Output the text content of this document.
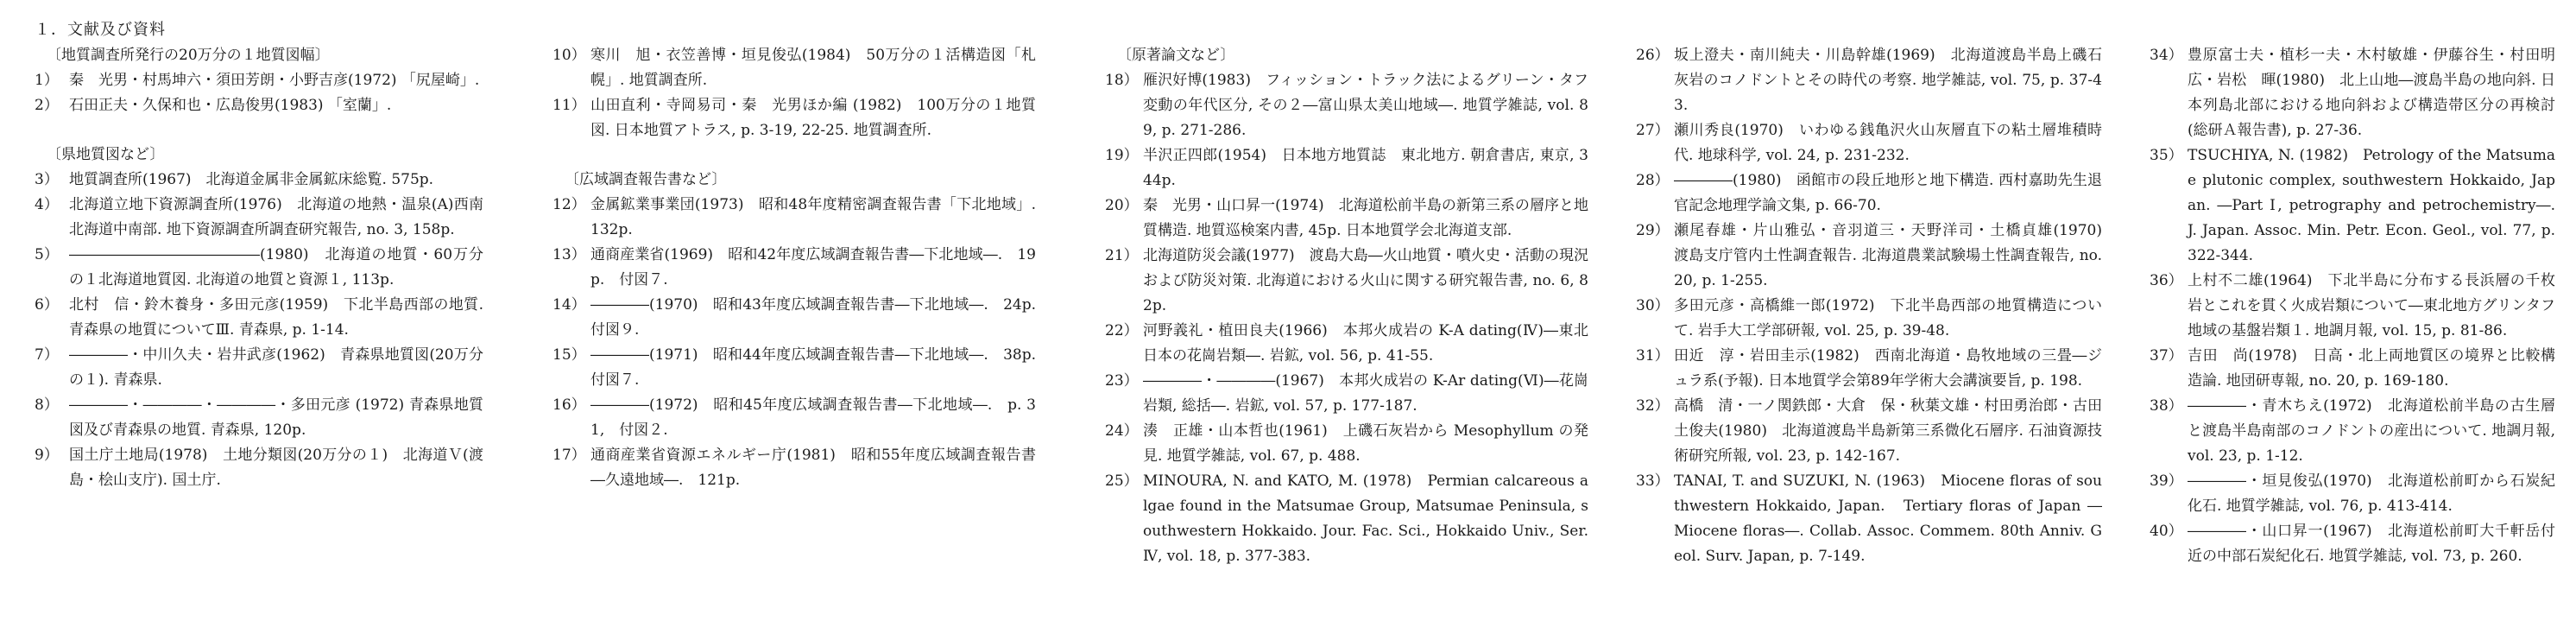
１．文献及び資料
〔地質調査所発行の20万分の１地質図幅〕
1） 秦　光男・村馬坤六・須田芳朗・小野吉彦(1972) 「尻屋崎」.
2） 石田正夫・久保和也・広島俊男(1983) 「室蘭」.
〔県地質図など〕
3） 地質調査所(1967)　北海道金属非金属鉱床総覧. 575p.
4） 北海道立地下資源調査所(1976)　北海道の地熱・温泉(A)西南北海道中南部. 地下資源調査所調査研究報告, no. 3, 158p.
5） ―――――――――――――(1980)　北海道の地質・60万分の１北海道地質図. 北海道の地質と資源１, 113p.
6） 北村　信・鈴木養身・多田元彦(1959)　下北半島西部の地質. 青森県の地質についてⅢ. 青森県, p. 1-14.
7） ――――・中川久夫・岩井武彦(1962)　青森県地質図(20万分の１). 青森県.
8） ――――・――――・――――・多田元彦 (1972) 青森県地質図及び青森県の地質. 青森県, 120p.
9） 国土庁土地局(1978)　土地分類図(20万分の１)　北海道Ｖ(渡島・桧山支庁). 国土庁.
10） 寒川　旭・衣笠善博・垣見俊弘(1984)　50万分の１活構造図「札幌」. 地質調査所.
11） 山田直利・寺岡易司・秦　光男ほか編 (1982)　100万分の１地質図. 日本地質アトラス, p. 3-19, 22-25. 地質調査所.
〔広域調査報告書など〕
12） 金属鉱業事業団(1973)　昭和48年度精密調査報告書「下北地域」. 132p.
13） 通商産業省(1969)　昭和42年度広域調査報告書―下北地域―.　19p.　付図７.
14） ――――(1970)　昭和43年度広域調査報告書―下北地域―.　24p.　付図９.
15） ――――(1971)　昭和44年度広域調査報告書―下北地域―.　38p.　付図７.
16） ――――(1972)　昭和45年度広域調査報告書―下北地域―.　p. 31,　付図２.
17） 通商産業省資源エネルギー庁(1981)　昭和55年度広域調査報告書―久遠地域―.　121p.
〔原著論文など〕
18） 雁沢好博(1983)　フィッション・トラック法によるグリーン・タフ変動の年代区分, その２―富山県太美山地域―. 地質学雑誌, vol. 89, p. 271-286.
19） 半沢正四郎(1954)　日本地方地質誌　東北地方. 朝倉書店, 東京, 344p.
20） 秦　光男・山口昇一(1974)　北海道松前半島の新第三系の層序と地質構造. 地質巡検案内書, 45p. 日本地質学会北海道支部.
21） 北海道防災会議(1977)　渡島大島―火山地質・噴火史・活動の現況および防災対策. 北海道における火山に関する研究報告書, no. 6, 82p.
22） 河野義礼・植田良夫(1966)　本邦火成岩の K-A dating(Ⅳ)―東北日本の花崗岩類―. 岩鉱, vol. 56, p. 41-55.
23） ――――・――――(1967)　本邦火成岩の K-Ar dating(Ⅵ)―花崗岩類, 総括―. 岩鉱, vol. 57, p. 177-187.
24） 湊　正雄・山本哲也(1961)　上磯石灰岩から Mesophyllum の発見. 地質学雑誌, vol. 67, p. 488.
25） MINOURA, N. and KATO, M. (1978)　Permian calcareous algae found in the Matsumae Group, Matsumae Peninsula, southwestern Hokkaido. Jour. Fac. Sci., Hokkaido Univ., Ser. Ⅳ, vol. 18, p. 377-383.
26） 坂上澄夫・南川純夫・川島幹雄(1969)　北海道渡島半島上磯石灰岩のコノドントとその時代の考察. 地学雑誌, vol. 75, p. 37-43.
27） 瀬川秀良(1970)　いわゆる銭亀沢火山灰層直下の粘土層堆積時代. 地球科学, vol. 24, p. 231-232.
28） ――――(1980)　函館市の段丘地形と地下構造. 西村嘉助先生退官記念地理学論文集, p. 66-70.
29） 瀬尾春雄・片山雅弘・音羽道三・天野洋司・土橋貞雄(1970)　渡島支庁管内土性調査報告. 北海道農業試験場土性調査報告, no. 20, p. 1-255.
30） 多田元彦・高橋維一郎(1972)　下北半島西部の地質構造について. 岩手大工学部研報, vol. 25, p. 39-48.
31） 田近　淳・岩田圭示(1982)　西南北海道・島牧地域の三畳―ジュラ系(予報). 日本地質学会第89年学術大会講演要旨, p. 198.
32） 高橋　清・一ノ関鉄郎・大倉　保・秋葉文雄・村田勇治郎・古田土俊夫(1980)　北海道渡島半島新第三系微化石層序. 石油資源技術研究所報, vol. 23, p. 142-167.
33） TANAI, T. and SUZUKI, N. (1963)　Miocene floras of southwestern Hokkaido, Japan.　Tertiary floras of Japan ― Miocene floras―. Collab. Assoc. Commem. 80th Anniv. Geol. Surv. Japan, p. 7-149.
34） 豊原富士夫・植杉一夫・木村敏雄・伊藤谷生・村田明広・岩松　暉(1980)　北上山地―渡島半島の地向斜. 日本列島北部における地向斜および構造帯区分の再検討(総研Ａ報告書), p. 27-36.
35） TSUCHIYA, N. (1982)　Petrology of the Matsumae plutonic complex, southwestern Hokkaido, Japan. ―Part Ⅰ, petrography and petrochemistry―. J. Japan. Assoc. Min. Petr. Econ. Geol., vol. 77, p. 322-344.
36） 上村不二雄(1964)　下北半島に分布する長浜層の千枚岩とこれを貫く火成岩類について―東北地方グリンタフ地域の基盤岩類１. 地調月報, vol. 15, p. 81-86.
37） 吉田　尚(1978)　日高・北上両地質区の境界と比較構造論. 地団研専報, no. 20, p. 169-180.
38） ――――・青木ちえ(1972)　北海道松前半島の古生層と渡島半島南部のコノドントの産出について. 地調月報, vol. 23, p. 1-12.
39） ――――・垣見俊弘(1970)　北海道松前町から石炭紀化石. 地質学雑誌, vol. 76, p. 413-414.
40） ――――・山口昇一(1967)　北海道松前町大千軒岳付近の中部石炭紀化石. 地質学雑誌, vol. 73, p. 260.
